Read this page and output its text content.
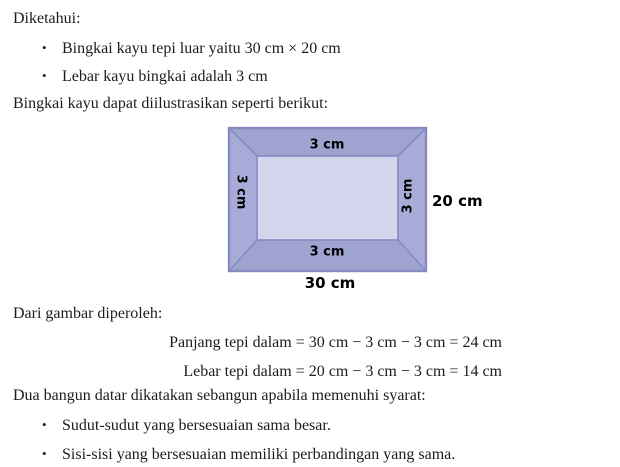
Diketahui:
• Bingkai kayu tepi luar yaitu 30 cm × 20 cm
• Lebar kayu bingkai adalah 3 cm
Bingkai kayu dapat diilustrasikan seperti berikut:
3 cm
3 cm
3 cm	3 cm 20 cm
30 cm
Dari gambar diperoleh:
Panjang tepi dalam = 30 cm − 3 cm − 3 cm = 24 cm
Lebar tepi dalam = 20 cm − 3 cm − 3 cm = 14 cm
Dua bangun datar dikatakan sebangun apabila memenuhi syarat:
• Sudut-sudut yang bersesuaian sama besar.
• Sisi-sisi yang bersesuaian memiliki perbandingan yang sama.
